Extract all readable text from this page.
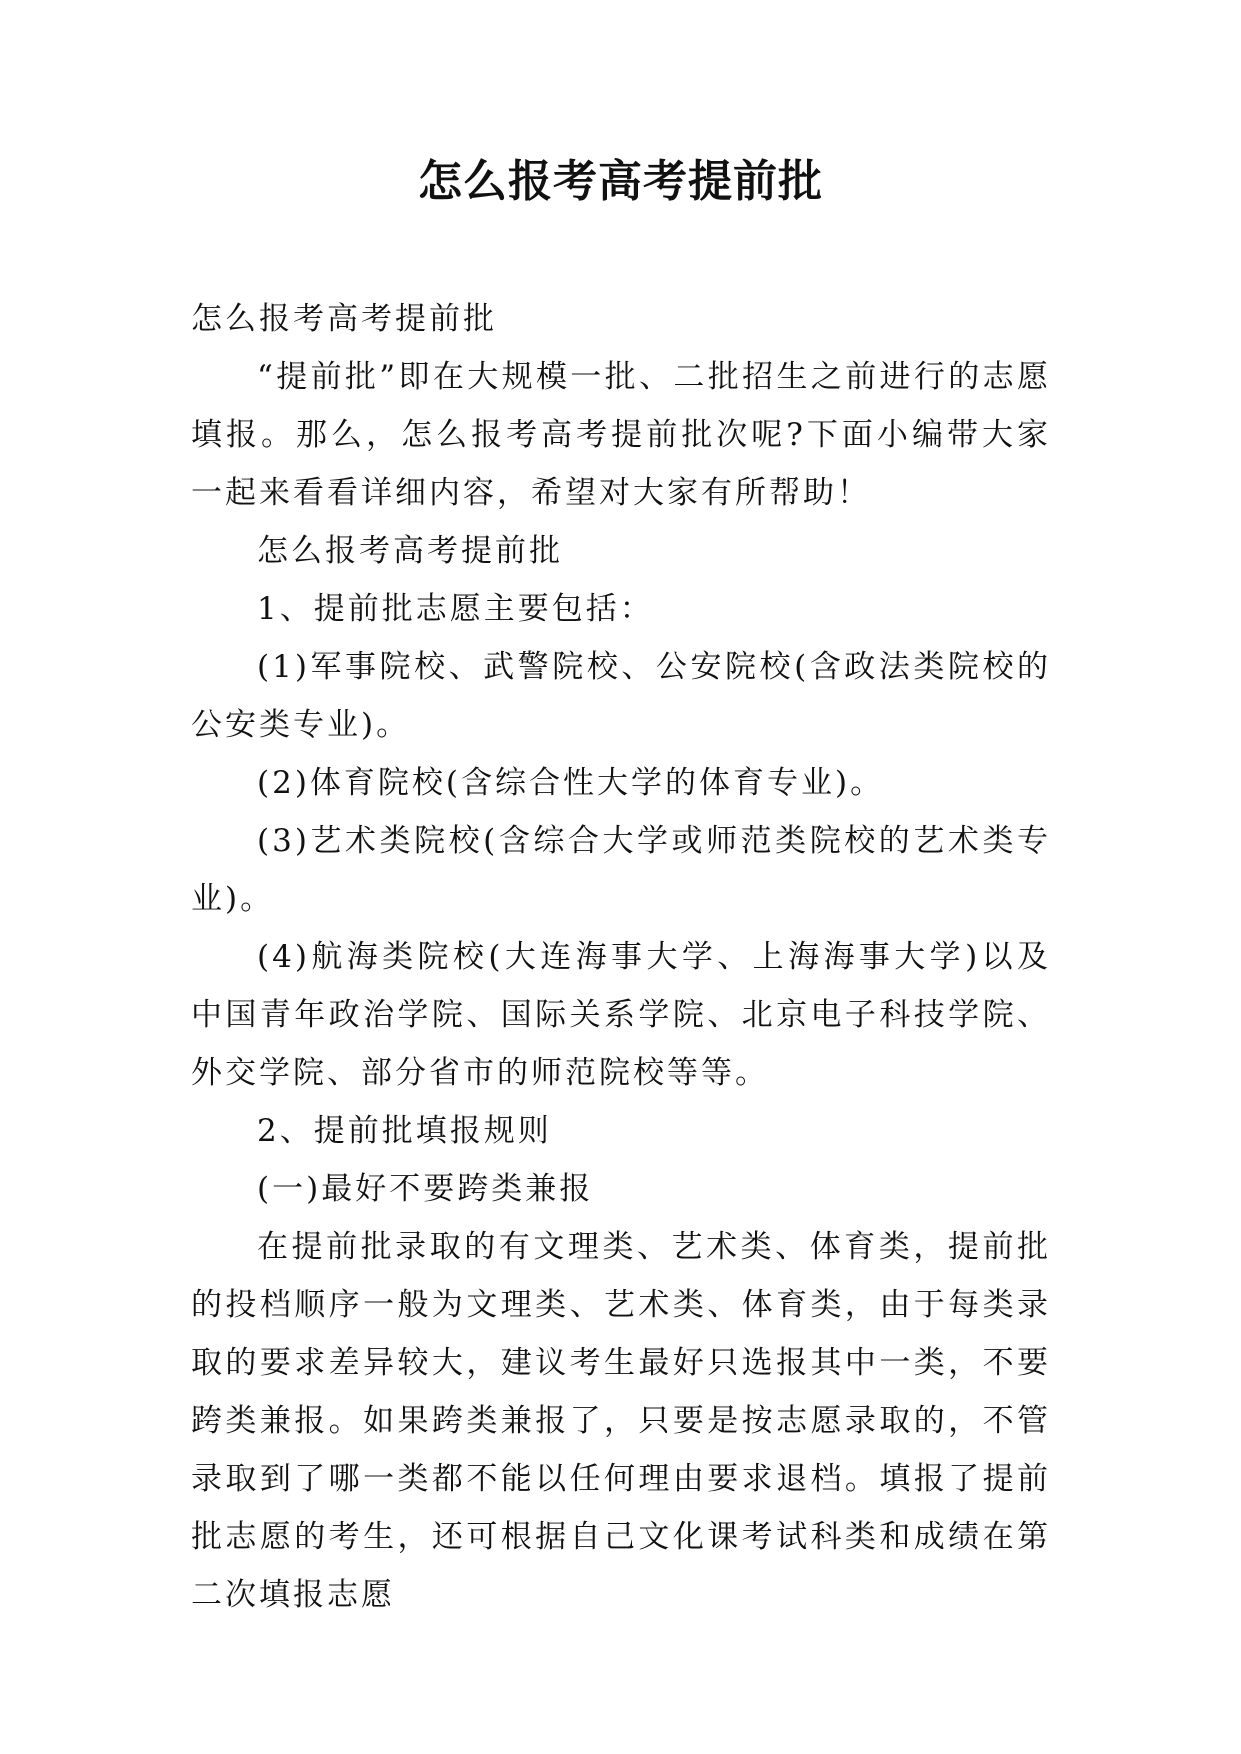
怎么报考高考提前批

怎么报考高考提前批

“提前批”即在大规模一批、二批招生之前进行的志愿填报。那么，怎么报考高考提前批次呢?下面小编带大家一起来看看详细内容，希望对大家有所帮助！

怎么报考高考提前批

1、提前批志愿主要包括：

(1)军事院校、武警院校、公安院校(含政法类院校的公安类专业)。

(2)体育院校(含综合性大学的体育专业)。

(3)艺术类院校(含综合大学或师范类院校的艺术类专业)。

(4)航海类院校(大连海事大学、上海海事大学)以及中国青年政治学院、国际关系学院、北京电子科技学院、外交学院、部分省市的师范院校等等。

2、提前批填报规则

(一)最好不要跨类兼报

在提前批录取的有文理类、艺术类、体育类，提前批的投档顺序一般为文理类、艺术类、体育类，由于每类录取的要求差异较大，建议考生最好只选报其中一类，不要跨类兼报。如果跨类兼报了，只要是按志愿录取的，不管录取到了哪一类都不能以任何理由要求退档。填报了提前批志愿的考生，还可根据自己文化课考试科类和成绩在第二次填报志愿
